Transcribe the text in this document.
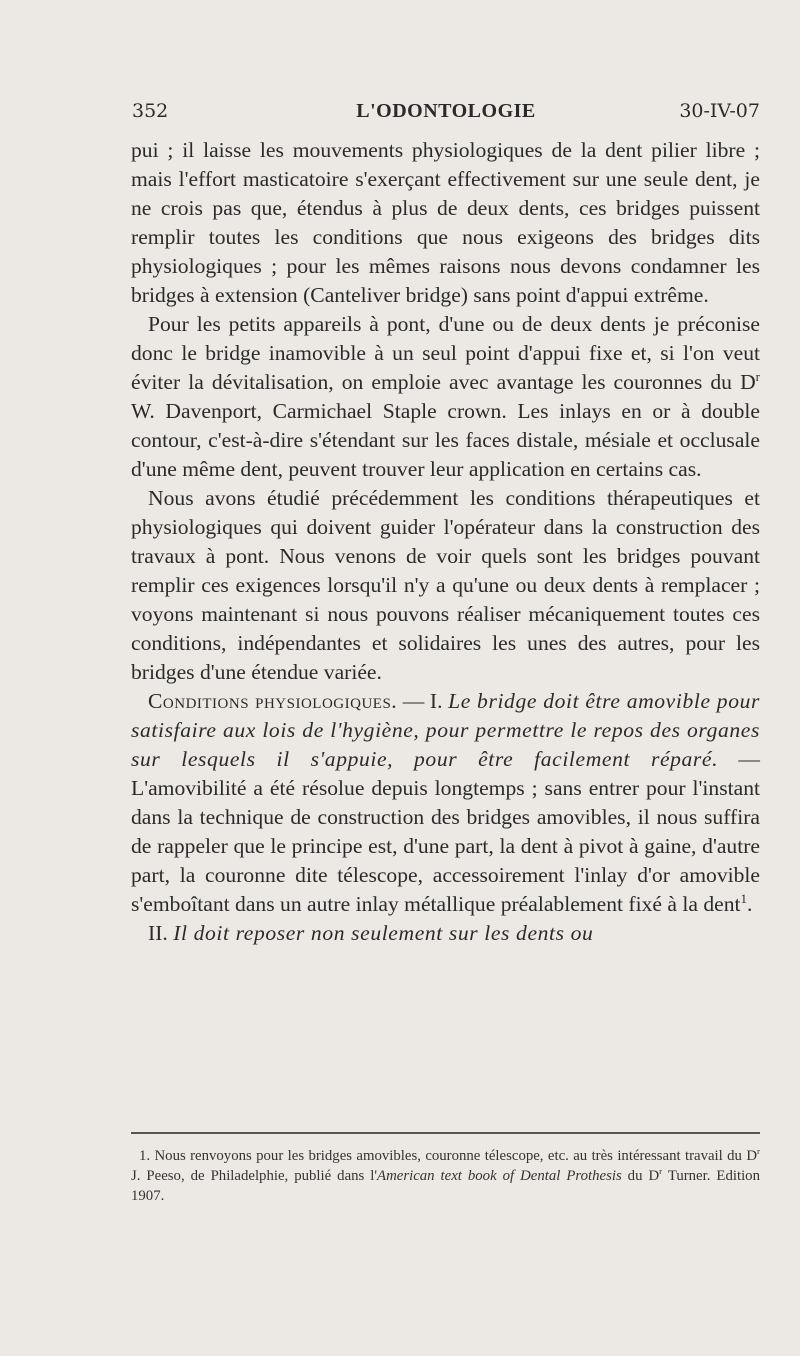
352	L'ODONTOLOGIE	30-IV-07

pui ; il laisse les mouvements physiologiques de la dent pilier libre ; mais l'effort masticatoire s'exerçant effectivement sur une seule dent, je ne crois pas que, étendus à plus de deux dents, ces bridges puissent remplir toutes les conditions que nous exigeons des bridges dits physiologiques ; pour les mêmes raisons nous devons condamner les bridges à extension (Canteliver bridge) sans point d'appui extrême.

Pour les petits appareils à pont, d'une ou de deux dents je préconise donc le bridge inamovible à un seul point d'appui fixe et, si l'on veut éviter la dévitalisation, on emploie avec avantage les couronnes du $D^r$ W. Davenport, Carmichael Staple crown. Les inlays en or à double contour, c'est-à-dire s'étendant sur les faces distale, mésiale et occlusale d'une même dent, peuvent trouver leur application en certains cas.

Nous avons étudié précédemment les conditions thérapeutiques et physiologiques qui doivent guider l'opérateur dans la construction des travaux à pont. Nous venons de voir quels sont les bridges pouvant remplir ces exigences lorsqu'il n'y a qu'une ou deux dents à remplacer ; voyons maintenant si nous pouvons réaliser mécaniquement toutes ces conditions, indépendantes et solidaires les unes des autres, pour les bridges d'une étendue variée.

Conditions physiologiques. — I. Le bridge doit être amovible pour satisfaire aux lois de l'hygiène, pour permettre le repos des organes sur lesquels il s'appuie, pour être facilement réparé. — L'amovibilité a été résolue depuis longtemps ; sans entrer pour l'instant dans la technique de construction des bridges amovibles, il nous suffira de rappeler que le principe est, d'une part, la dent à pivot à gaine, d'autre part, la couronne dite télescope, accessoirement l'inlay d'or amovible s'emboîtant dans un autre inlay métallique préalablement fixé à la dent$^1$.

II. Il doit reposer non seulement sur les dents ou

1. Nous renvoyons pour les bridges amovibles, couronne télescope, etc. au très intéressant travail du $D^r$ J. Peeso, de Philadelphie, publié dans l'American text book of Dental Prothesis du $D^r$ Turner. Edition 1907.
